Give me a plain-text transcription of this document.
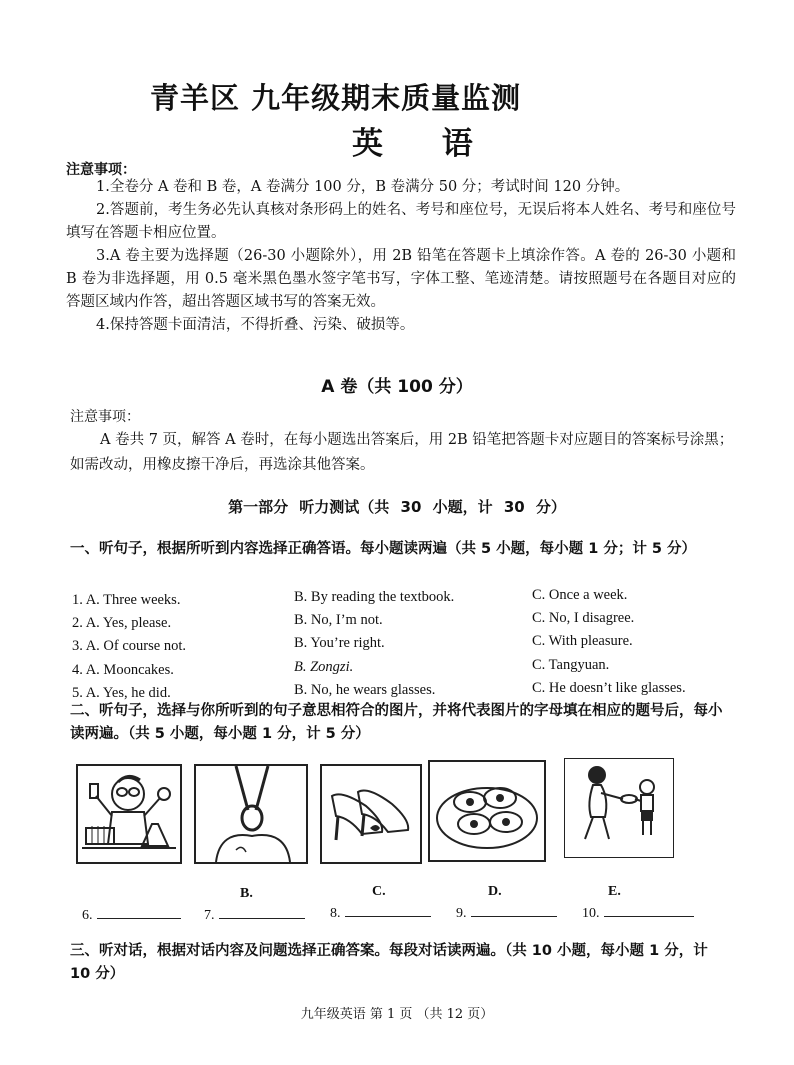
青羊区 九年级期末质量监测
英 语
注意事项：
1.全卷分 A 卷和 B 卷，A 卷满分 100 分，B 卷满分 50 分；考试时间 120 分钟。
2.答题前，考生务必先认真核对条形码上的姓名、考号和座位号，无误后将本人姓名、考号和座位号填写在答题卡相应位置。
3.A 卷主要为选择题（26-30 小题除外），用 2B 铅笔在答题卡上填涂作答。A 卷的 26-30 小题和 B 卷为非选择题，用 0.5 毫米黑色墨水签字笔书写，字体工整、笔迹清楚。请按照题号在各题目对应的答题区域内作答，超出答题区域书写的答案无效。
4.保持答题卡面清洁，不得折叠、污染、破损等。
A 卷（共 100 分）
注意事项：
A 卷共 7 页，解答 A 卷时，在每小题选出答案后，用 2B 铅笔把答题卡对应题目的答案标号涂黑；如需改动，用橡皮擦干净后，再选涂其他答案。
第一部分 听力测试（共 30 小题，计 30 分）
一、听句子，根据所听到内容选择正确答语。每小题读两遍（共 5 小题，每小题 1 分；计 5 分）
1. A. Three weeks.	B. By reading the textbook.	C. Once a week.
2. A. Yes, please.	B. No, I’m not.	C. No, I disagree.
3. A. Of course not.	B. You’re right.	C. With pleasure.
4. A. Mooncakes.	B. Zongzi.	C. Tangyuan.
5. A. Yes, he did.	B. No, he wears glasses.	C. He doesn’t like glasses.
二、听句子，选择与你所听到的句子意思相符合的图片，并将代表图片的字母填在相应的题号后，每小读两遍。（共 5 小题，每小题 1 分，计 5 分）
B.	C.	D.	E.
6.	7.	8.	9.	10.
三、听对话，根据对话内容及问题选择正确答案。每段对话读两遍。（共 10 小题，每小题 1 分，计 10 分）
九年级英语 第 1 页 （共 12 页）
